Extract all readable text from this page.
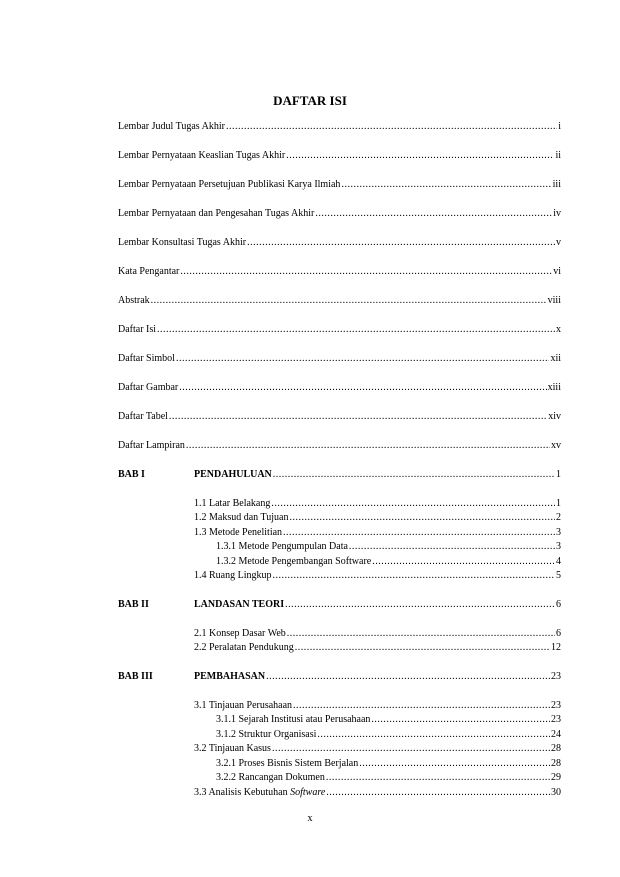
DAFTAR ISI
Lembar Judul Tugas Akhir .....	i
Lembar Pernyataan Keaslian Tugas Akhir .....	ii
Lembar Pernyataan Persetujuan Publikasi Karya Ilmiah .....	iii
Lembar Pernyataan dan Pengesahan Tugas Akhir .....	iv
Lembar Konsultasi Tugas Akhir .....	v
Kata Pengantar .....	vi
Abstrak .....	viii
Daftar Isi .....	x
Daftar Simbol .....	xii
Daftar Gambar .....	xiii
Daftar Tabel .....	xiv
Daftar Lampiran .....	xv
BAB I	PENDAHULUAN .....	1
1.1 Latar Belakang .....	1
1.2 Maksud dan Tujuan .....	2
1.3 Metode Penelitian .....	3
1.3.1 Metode Pengumpulan Data .....	3
1.3.2 Metode Pengembangan Software .....	4
1.4 Ruang Lingkup .....	5
BAB II	LANDASAN TEORI .....	6
2.1 Konsep Dasar Web .....	6
2.2 Peralatan Pendukung .....	12
BAB III	PEMBAHASAN .....	23
3.1 Tinjauan Perusahaan .....	23
3.1.1 Sejarah Institusi atau Perusahaan .....	23
3.1.2 Struktur Organisasi .....	24
3.2 Tinjauan Kasus .....	28
3.2.1 Proses Bisnis Sistem Berjalan .....	28
3.2.2 Rancangan Dokumen .....	29
3.3 Analisis Kebutuhan Software .....	30
x
